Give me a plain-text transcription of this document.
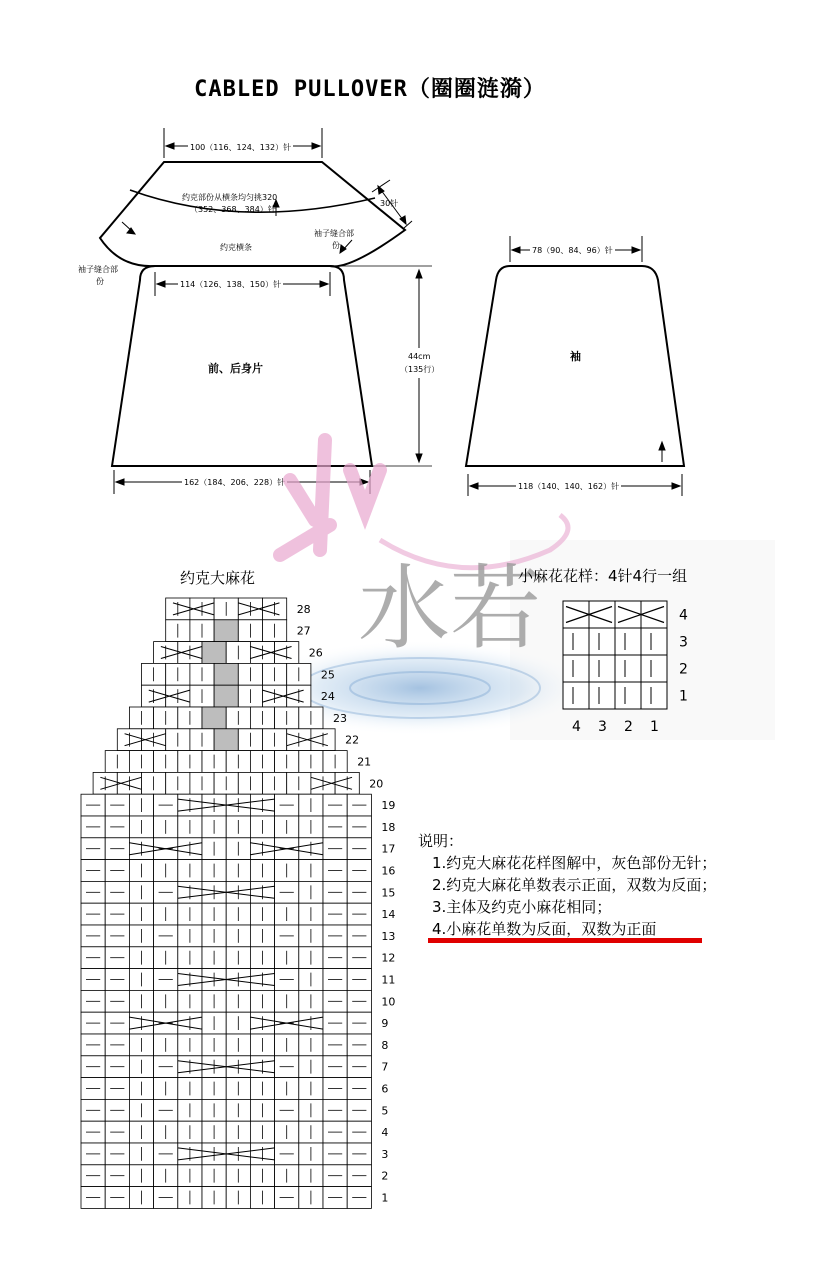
CABLED PULLOVER（圈圈涟漪）
100（116、124、132）针
约克部份从横条均匀挑320
（352、368、384）针
约克横条
30针
袖子缝合部
份
袖子缝合部
份	114（126、138、150）针
前、后身片
44cm
（135行）
162（184、206、228）针
78（90、84、96）针
袖
118（140、140、162）针
水若
约克大麻花
28
27
26
25
24
23
22
21
20
19
18
17
16
15
14
13
12
11
10
9
8
7
6
5
4
3
2
1
小麻花花样：4针4行一组
4
3
2
1
4 3 2 1
说明：
1.约克大麻花花样图解中，灰色部份无针；
2.约克大麻花单数表示正面，双数为反面；
3.主体及约克小麻花相同；
4.小麻花单数为反面，双数为正面
